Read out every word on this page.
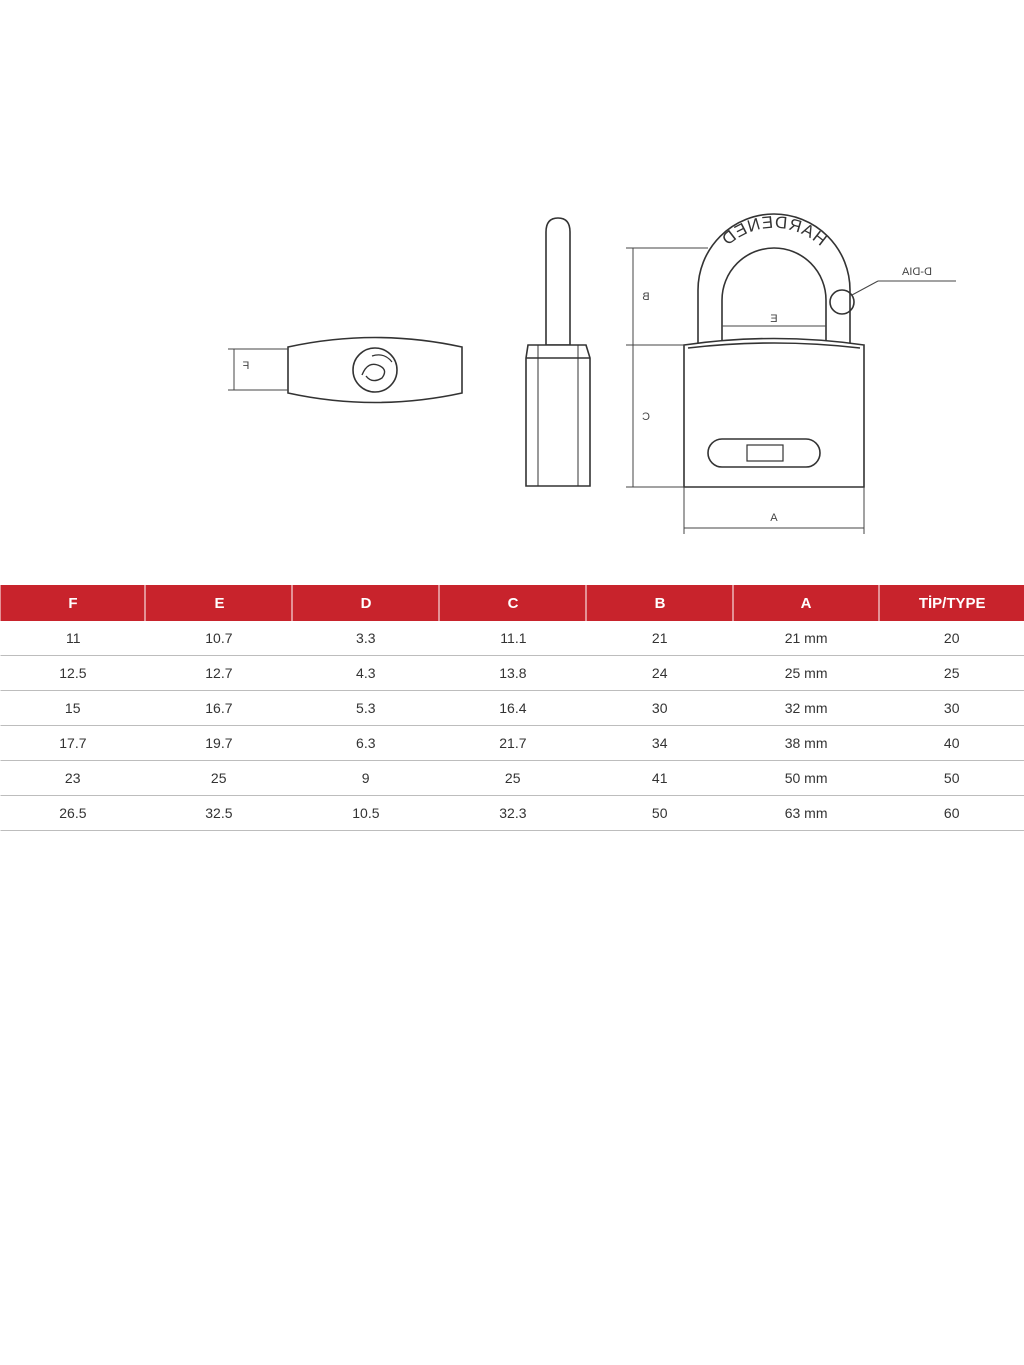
F
HARDENED
B
C
A
E
D-DIA
TİP/TYPE	A	B	C	D	E	F
20	21 mm	21	11.1	3.3	10.7	11
25	25 mm	24	13.8	4.3	12.7	12.5
30	32 mm	30	16.4	5.3	16.7	15
40	38 mm	34	21.7	6.3	19.7	17.7
50	50 mm	41	25	9	25	23
60	63 mm	50	32.3	10.5	32.5	26.5
